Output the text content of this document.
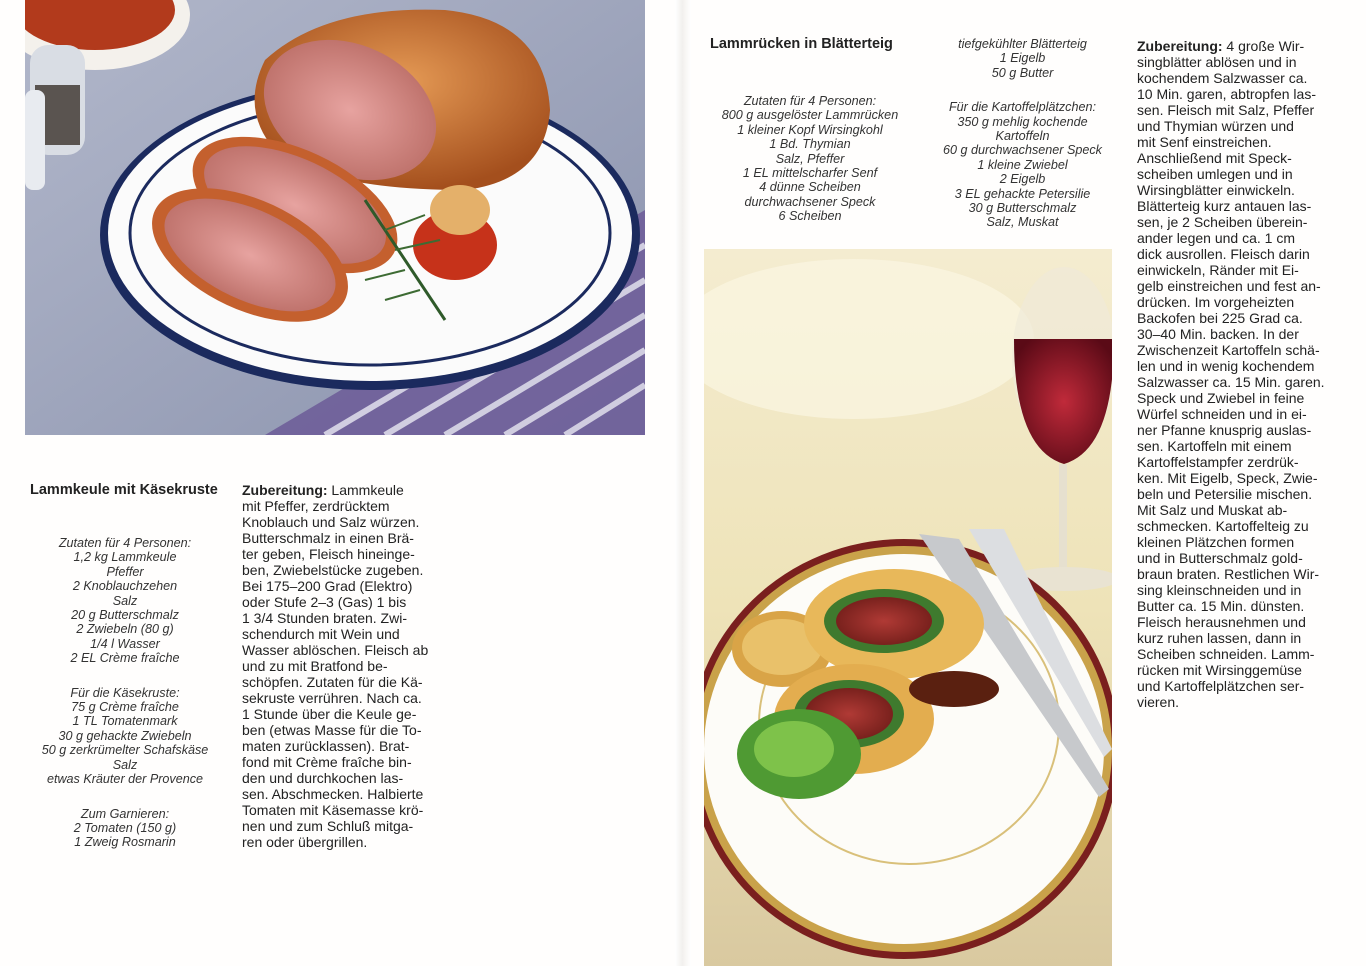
Lammkeule mit Käsekruste
Zutaten für 4 Personen:
1,2 kg Lammkeule
Pfeffer
2 Knoblauchzehen
Salz
20 g Butterschmalz
2 Zwiebeln (80 g)
1/4 l Wasser
2 EL Crème fraîche
Für die Käsekruste:
75 g Crème fraîche
1 TL Tomatenmark
30 g gehackte Zwiebeln
50 g zerkrümelter Schafskäse
Salz
etwas Kräuter der Provence
Zum Garnieren:
2 Tomaten (150 g)
1 Zweig Rosmarin
Zubereitung: Lammkeule
mit Pfeffer, zerdrücktem
Knoblauch und Salz würzen.
Butterschmalz in einen Brä-
ter geben, Fleisch hineinge-
ben, Zwiebelstücke zugeben.
Bei 175–200 Grad (Elektro)
oder Stufe 2–3 (Gas) 1 bis
1 3/4 Stunden braten. Zwi-
schendurch mit Wein und
Wasser ablöschen. Fleisch ab
und zu mit Bratfond be-
schöpfen. Zutaten für die Kä-
sekruste verrühren. Nach ca.
1 Stunde über die Keule ge-
ben (etwas Masse für die To-
maten zurücklassen). Brat-
fond mit Crème fraîche bin-
den und durchkochen las-
sen. Abschmecken. Halbierte
Tomaten mit Käsemasse krö-
nen und zum Schluß mitga-
ren oder übergrillen.
Lammrücken in Blätterteig
Zutaten für 4 Personen:
800 g ausgelöster Lammrücken
1 kleiner Kopf Wirsingkohl
1 Bd. Thymian
Salz, Pfeffer
1 EL mittelscharfer Senf
4 dünne Scheiben
durchwachsener Speck
6 Scheiben
tiefgekühlter Blätterteig
1 Eigelb
50 g Butter
Für die Kartoffelplätzchen:
350 g mehlig kochende
Kartoffeln
60 g durchwachsener Speck
1 kleine Zwiebel
2 Eigelb
3 EL gehackte Petersilie
30 g Butterschmalz
Salz, Muskat
Zubereitung: 4 große Wir-
singblätter ablösen und in
kochendem Salzwasser ca.
10 Min. garen, abtropfen las-
sen. Fleisch mit Salz, Pfeffer
und Thymian würzen und
mit Senf einstreichen.
Anschließend mit Speck-
scheiben umlegen und in
Wirsingblätter einwickeln.
Blätterteig kurz antauen las-
sen, je 2 Scheiben überein-
ander legen und ca. 1 cm
dick ausrollen. Fleisch darin
einwickeln, Ränder mit Ei-
gelb einstreichen und fest an-
drücken. Im vorgeheizten
Backofen bei 225 Grad ca.
30–40 Min. backen. In der
Zwischenzeit Kartoffeln schä-
len und in wenig kochendem
Salzwasser ca. 15 Min. garen.
Speck und Zwiebel in feine
Würfel schneiden und in ei-
ner Pfanne knusprig auslas-
sen. Kartoffeln mit einem
Kartoffelstampfer zerdrük-
ken. Mit Eigelb, Speck, Zwie-
beln und Petersilie mischen.
Mit Salz und Muskat ab-
schmecken. Kartoffelteig zu
kleinen Plätzchen formen
und in Butterschmalz gold-
braun braten. Restlichen Wir-
sing kleinschneiden und in
Butter ca. 15 Min. dünsten.
Fleisch herausnehmen und
kurz ruhen lassen, dann in
Scheiben schneiden. Lamm-
rücken mit Wirsinggemüse
und Kartoffelplätzchen ser-
vieren.
